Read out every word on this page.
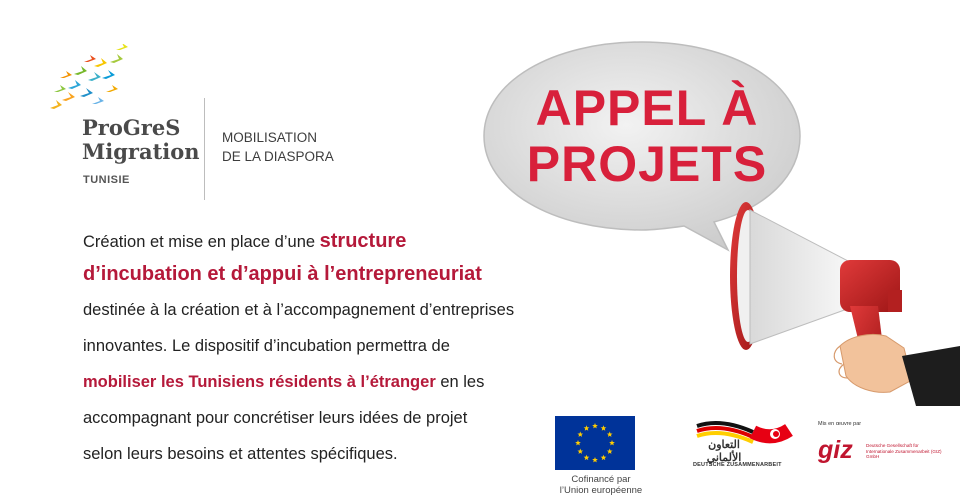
ProGreS
Migration
TUNISIE
MOBILISATION
DE LA DIASPORA
APPEL À
PROJETS
Création et mise en place d’une structure
d’incubation et d’appui à l’entrepreneuriat
destinée à la création et à l’accompagnement d’entreprises
innovantes. Le dispositif d’incubation permettra de
mobiliser les Tunisiens résidents à l’étranger en les
accompagnant pour concrétiser leurs idées de projet
selon leurs besoins et attentes spécifiques.
Cofinancé par
l’Union européenne
التعاون الألماني
DEUTSCHE ZUSAMMENARBEIT
Mis en œuvre par
giz	Deutsche Gesellschaft für Internationale Zusammenarbeit (GIZ) GmbH
